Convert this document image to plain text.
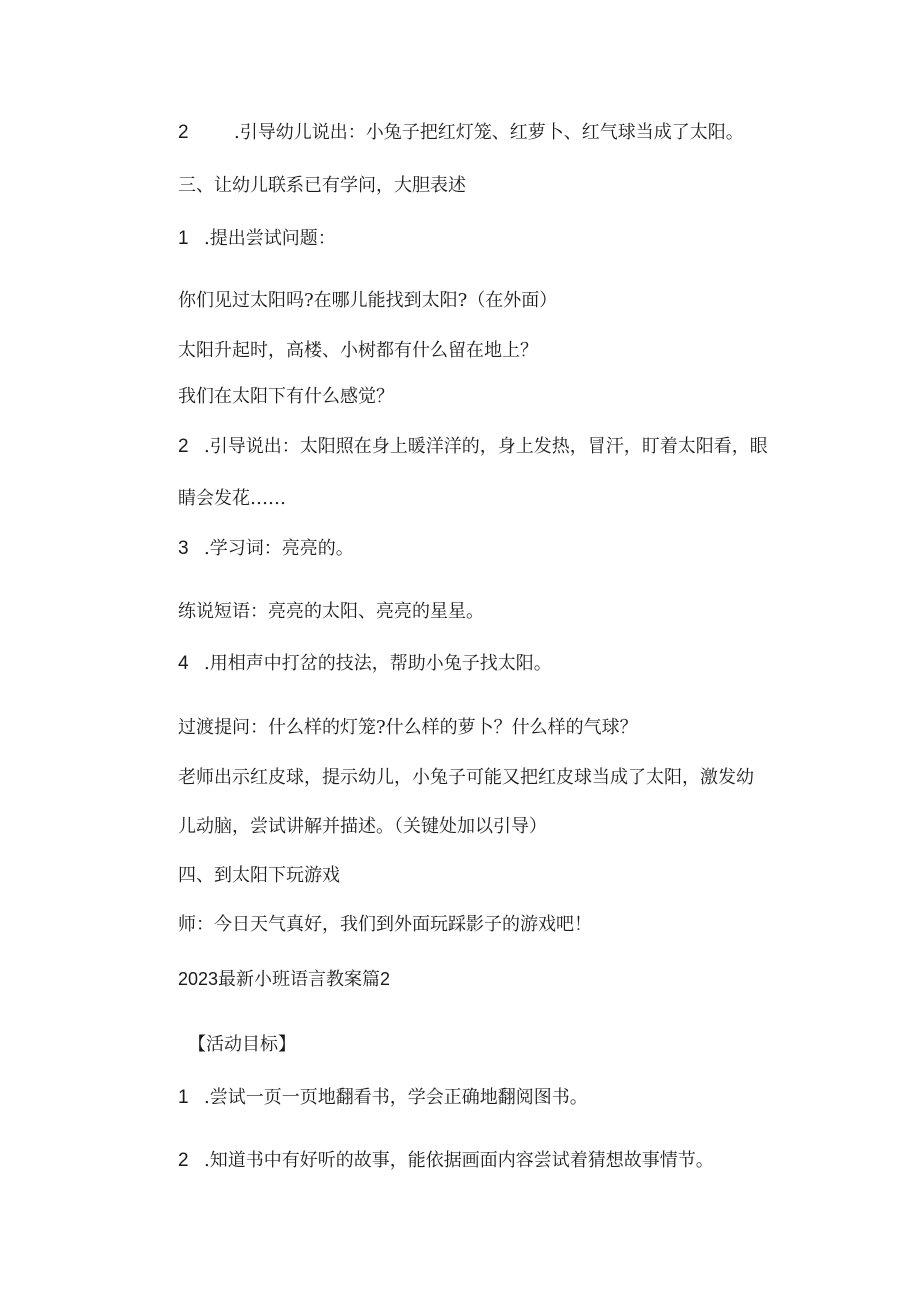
2	.引导幼儿说出：小兔子把红灯笼、红萝卜、红气球当成了太阳。

三、让幼儿联系已有学问，大胆表述

1 .提出尝试问题：

你们见过太阳吗?在哪儿能找到太阳?（在外面）

太阳升起时，高楼、小树都有什么留在地上？

我们在太阳下有什么感觉？

2 .引导说出：太阳照在身上暖洋洋的，身上发热，冒汗，盯着太阳看，眼

睛会发花……

3 .学习词：亮亮的。

练说短语：亮亮的太阳、亮亮的星星。

4 .用相声中打岔的技法，帮助小兔子找太阳。

过渡提问：什么样的灯笼?什么样的萝卜？什么样的气球？

老师出示红皮球，提示幼儿，小兔子可能又把红皮球当成了太阳，激发幼

儿动脑，尝试讲解并描述。（关键处加以引导）

四、到太阳下玩游戏

师：今日天气真好，我们到外面玩踩影子的游戏吧！

2023最新小班语言教案篇2

【活动目标】

1 .尝试一页一页地翻看书，学会正确地翻阅图书。

2 .知道书中有好听的故事，能依据画面内容尝试着猜想故事情节。
